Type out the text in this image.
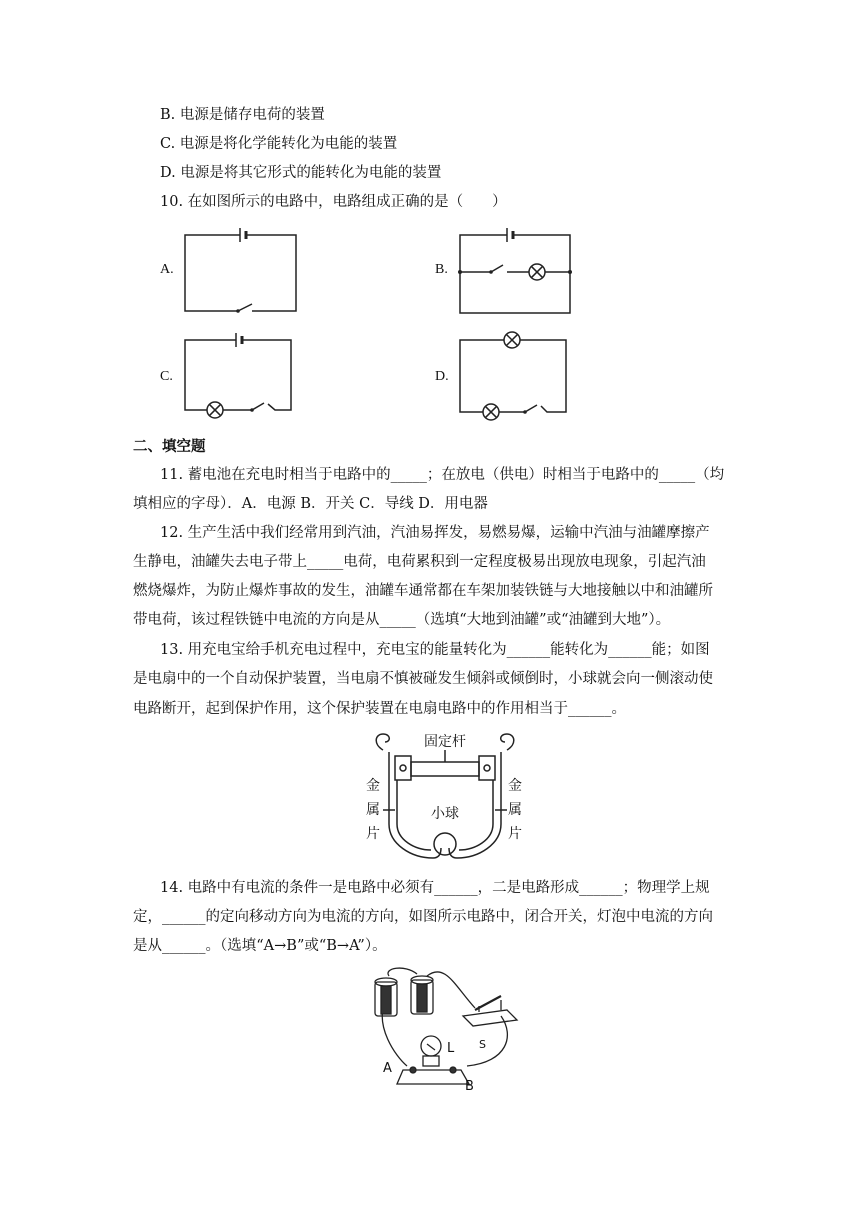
B. 电源是储存电荷的装置
C. 电源是将化学能转化为电能的装置
D. 电源是将其它形式的能转化为电能的装置
10. 在如图所示的电路中，电路组成正确的是（　　）
A.	B.
C.	D.
二、填空题
11. 蓄电池在充电时相当于电路中的_____；在放电（供电）时相当于电路中的_____（均
填相应的字母）．A．电源 B．开关 C．导线 D．用电器
12. 生产生活中我们经常用到汽油，汽油易挥发，易燃易爆，运输中汽油与油罐摩擦产
生静电，油罐失去电子带上_____电荷，电荷累积到一定程度极易出现放电现象，引起汽油
燃烧爆炸，为防止爆炸事故的发生，油罐车通常都在车架加装铁链与大地接触以中和油罐所
带电荷，该过程铁链中电流的方向是从_____（选填“大地到油罐”或“油罐到大地”）。
13. 用充电宝给手机充电过程中，充电宝的能量转化为______能转化为______能；如图
是电扇中的一个自动保护装置，当电扇不慎被碰发生倾斜或倾倒时，小球就会向一侧滚动使
电路断开，起到保护作用，这个保护装置在电扇电路中的作用相当于______。
固定杆
小球
金
属
片
金
属
片
14. 电路中有电流的条件一是电路中必须有______，二是电路形成______；物理学上规
定，______的定向移动方向为电流的方向，如图所示电路中，闭合开关，灯泡中电流的方向
是从______。（选填“A→B”或“B→A”）。
S
L
A
B
